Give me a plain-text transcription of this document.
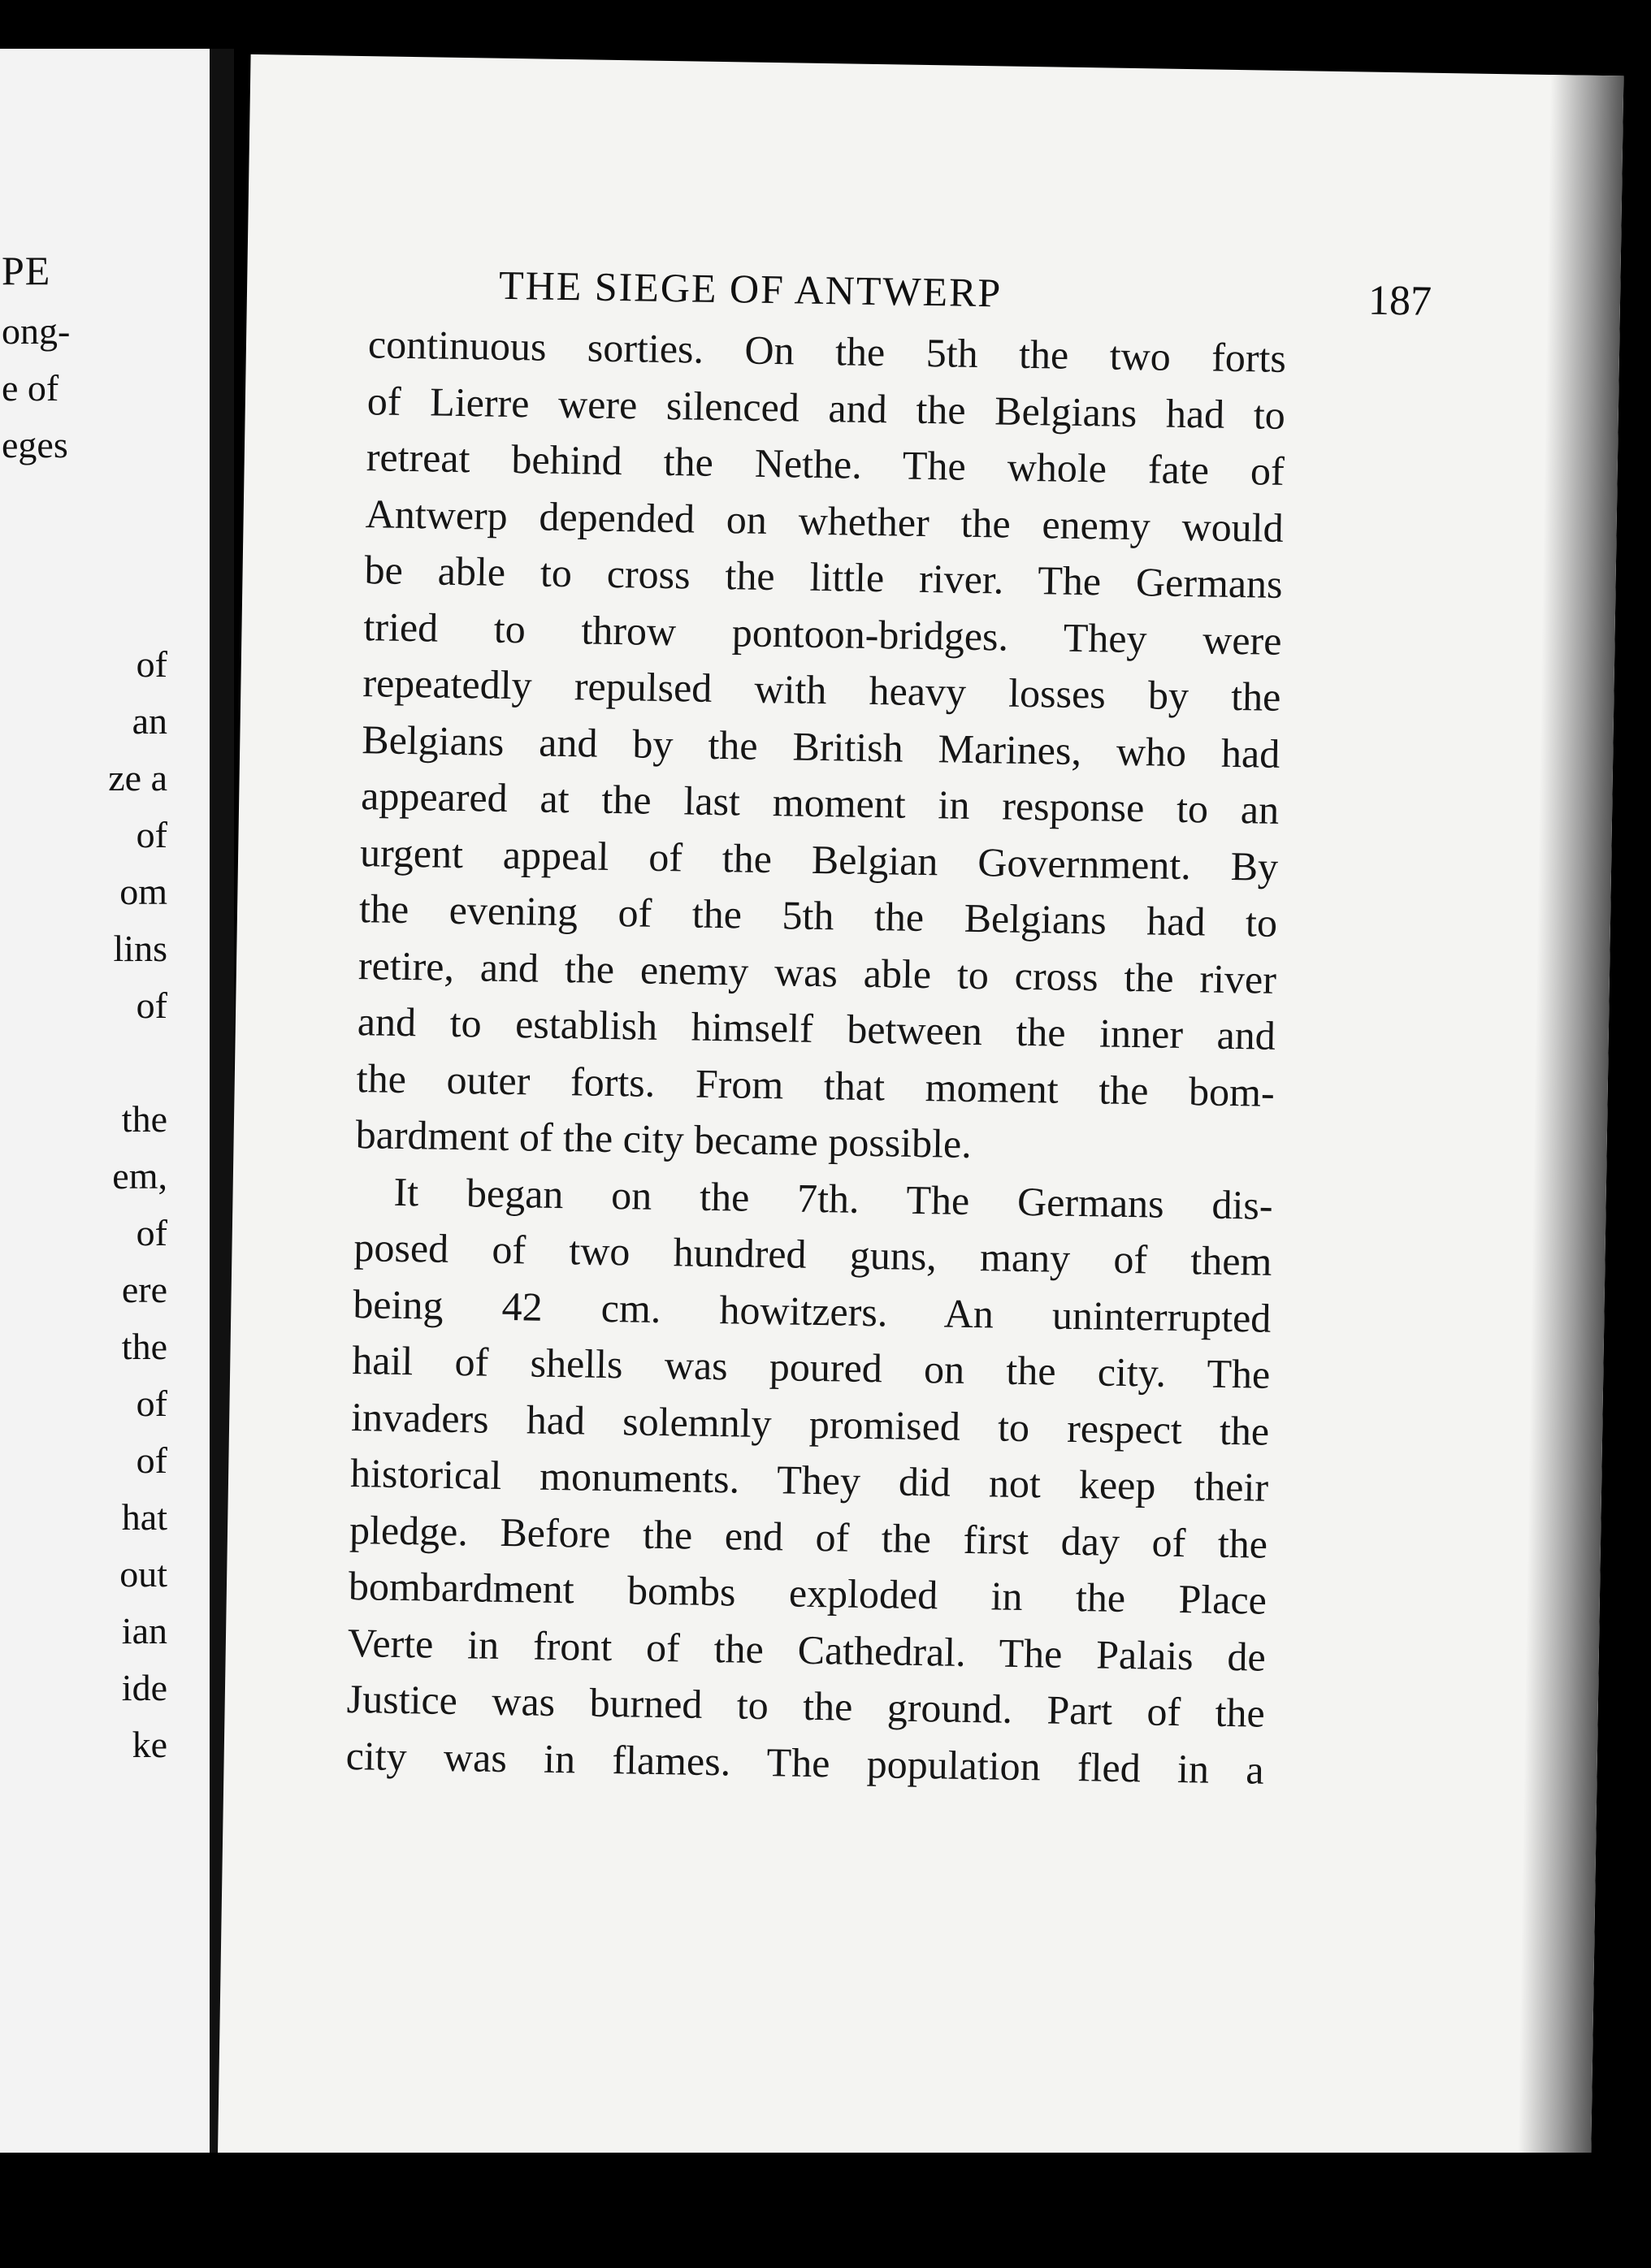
PE
ong-
e of
eges
of
an
ze a
of
om
lins
of
the
em,
of
ere
the
of
of
hat
out
ian
ide
ke
THE SIEGE OF ANTWERP	187
continuous sorties. On the 5th the two forts
of Lierre were silenced and the Belgians had to
retreat behind the Nethe. The whole fate of
Antwerp depended on whether the enemy would
be able to cross the little river. The Germans
tried to throw pontoon-bridges. They were
repeatedly repulsed with heavy losses by the
Belgians and by the British Marines, who had
appeared at the last moment in response to an
urgent appeal of the Belgian Government. By
the evening of the 5th the Belgians had to
retire, and the enemy was able to cross the river
and to establish himself between the inner and
the outer forts. From that moment the bom-
bardment of the city became possible.
It began on the 7th. The Germans dis-
posed of two hundred guns, many of them
being 42 cm. howitzers. An uninterrupted
hail of shells was poured on the city. The
invaders had solemnly promised to respect the
historical monuments. They did not keep their
pledge. Before the end of the first day of the
bombardment bombs exploded in the Place
Verte in front of the Cathedral. The Palais de
Justice was burned to the ground. Part of the
city was in flames. The population fled in a
